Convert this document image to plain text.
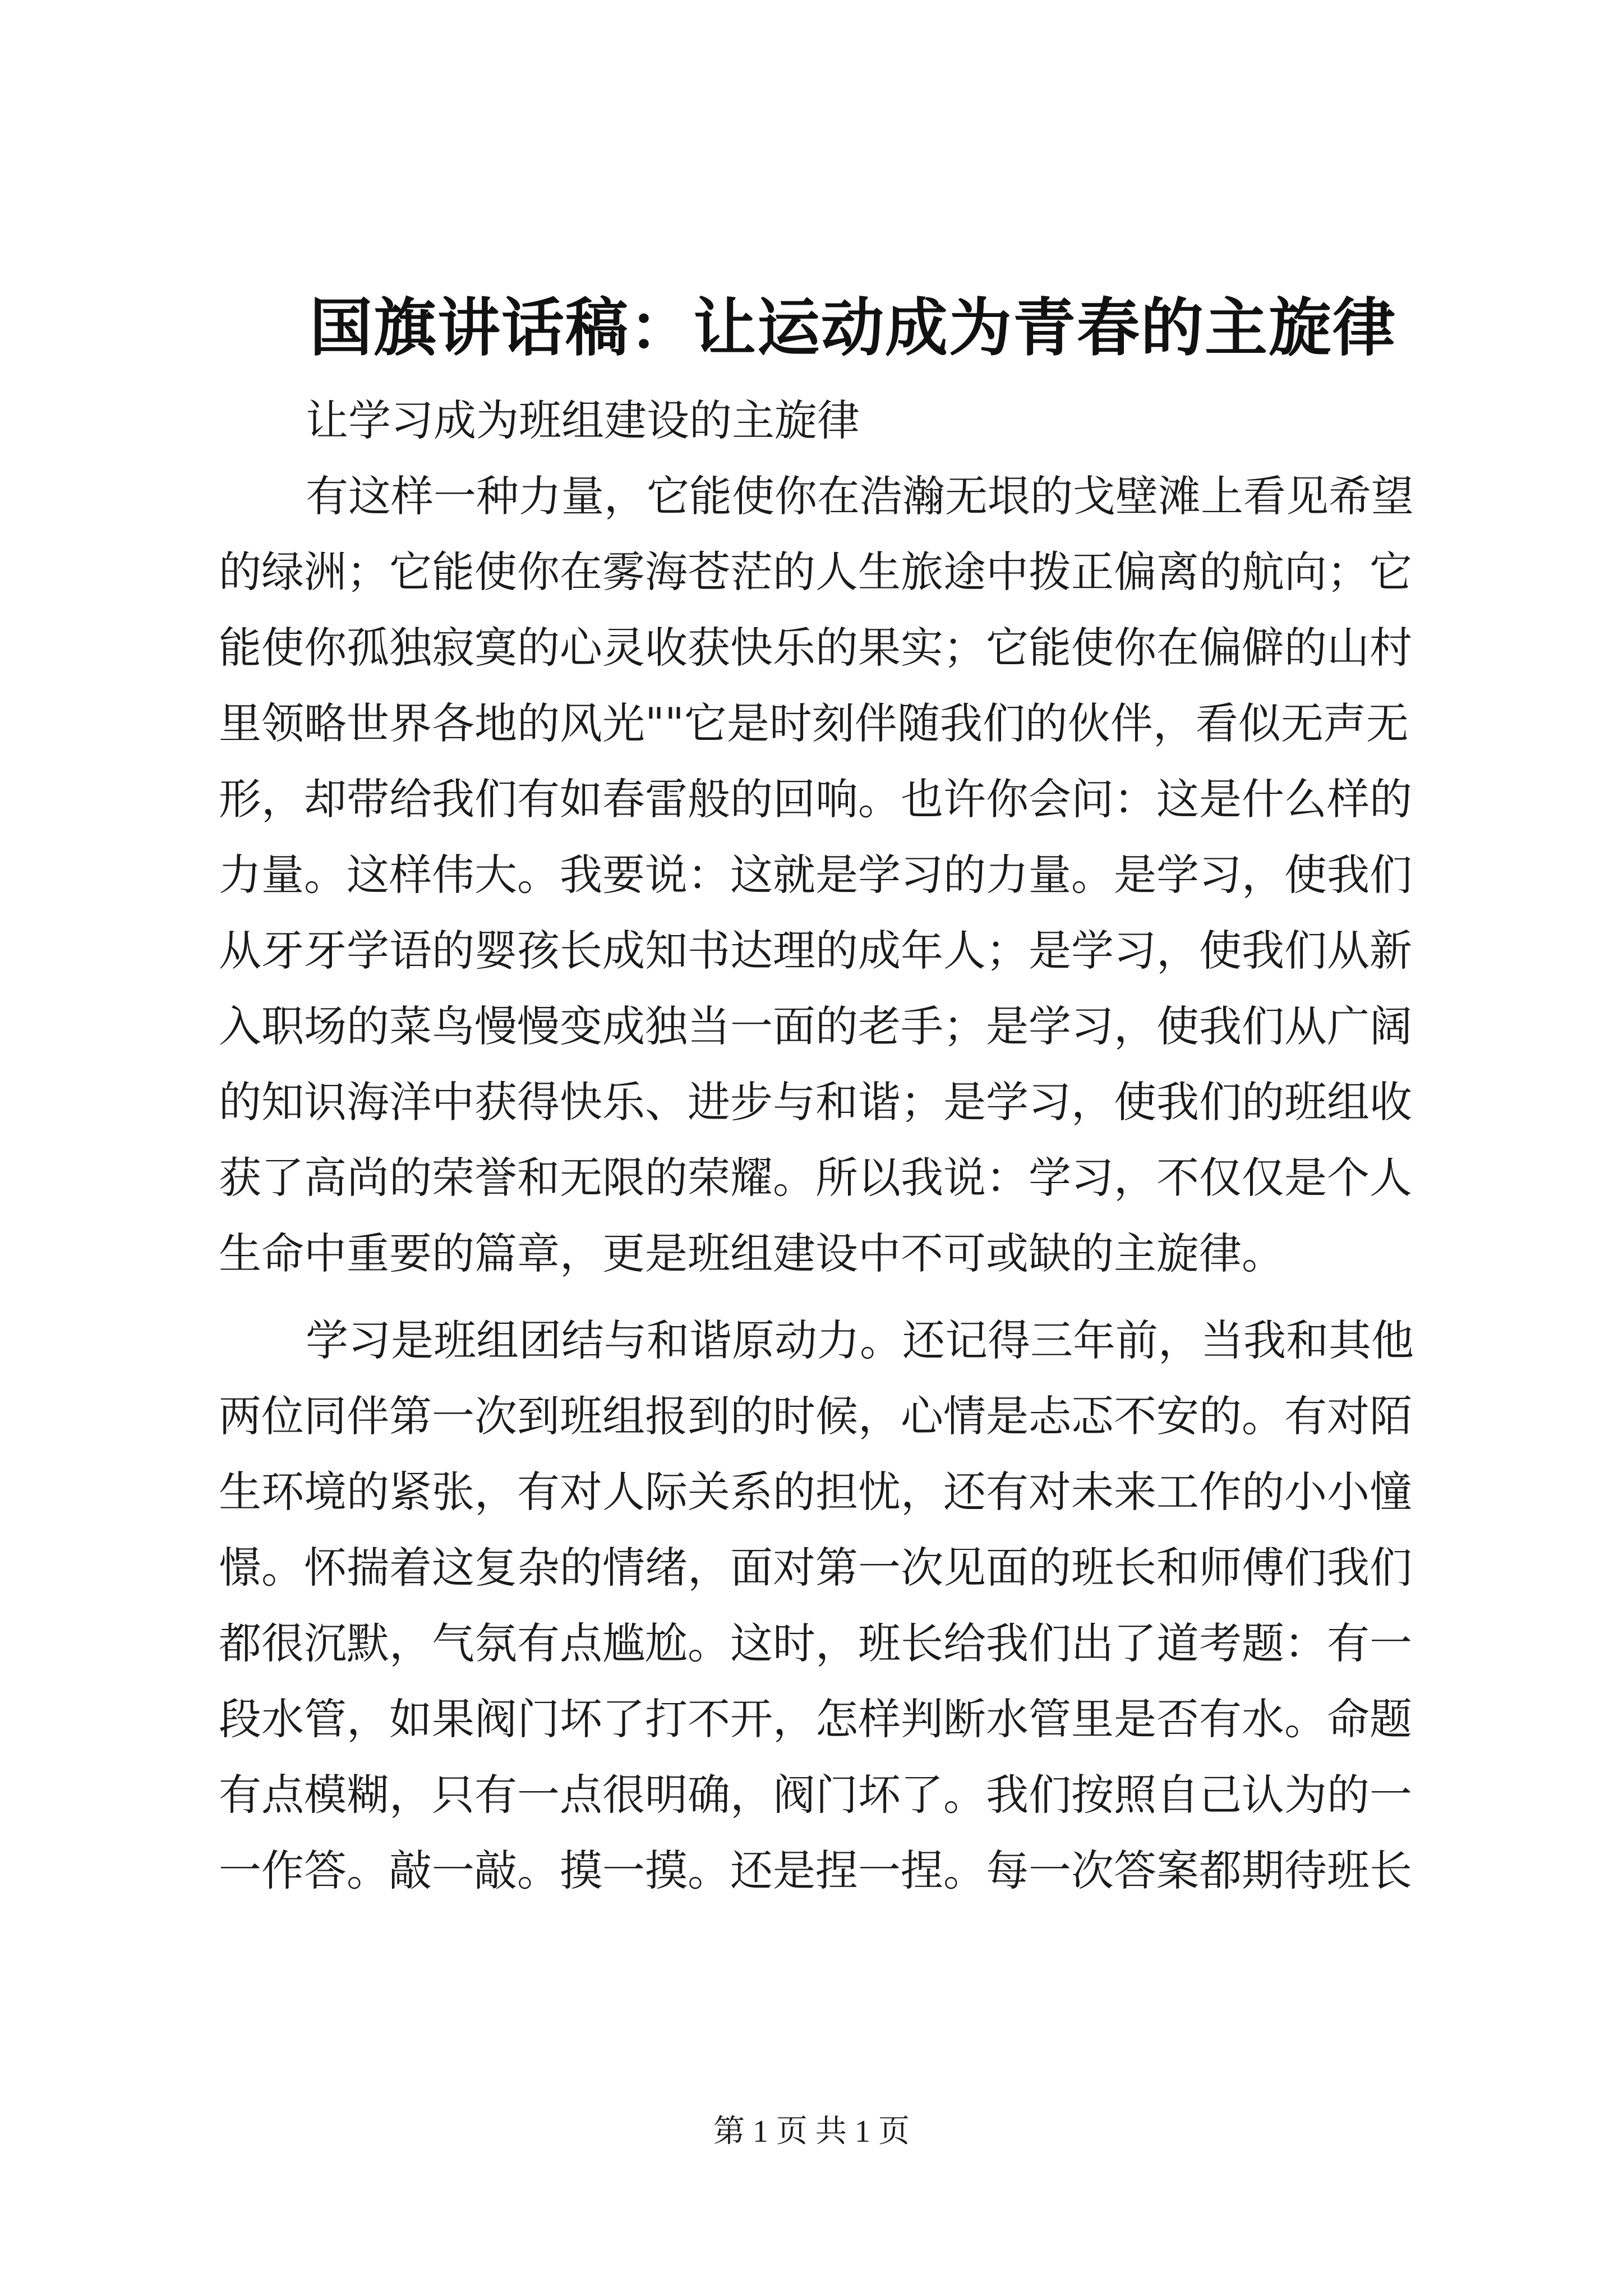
国旗讲话稿：让运动成为青春的主旋律
让学习成为班组建设的主旋律
有这样一种力量，它能使你在浩瀚无垠的戈壁滩上看见希望
的绿洲；它能使你在雾海苍茫的人生旅途中拨正偏离的航向；它
能使你孤独寂寞的心灵收获快乐的果实；它能使你在偏僻的山村
里领略世界各地的风光""它是时刻伴随我们的伙伴，看似无声无
形，却带给我们有如春雷般的回响。也许你会问：这是什么样的
力量。这样伟大。我要说：这就是学习的力量。是学习，使我们
从牙牙学语的婴孩长成知书达理的成年人；是学习，使我们从新
入职场的菜鸟慢慢变成独当一面的老手；是学习，使我们从广阔
的知识海洋中获得快乐、进步与和谐；是学习，使我们的班组收
获了高尚的荣誉和无限的荣耀。所以我说：学习，不仅仅是个人
生命中重要的篇章，更是班组建设中不可或缺的主旋律。
学习是班组团结与和谐原动力。还记得三年前，当我和其他
两位同伴第一次到班组报到的时候，心情是忐忑不安的。有对陌
生环境的紧张，有对人际关系的担忧，还有对未来工作的小小憧
憬。怀揣着这复杂的情绪，面对第一次见面的班长和师傅们我们
都很沉默，气氛有点尴尬。这时，班长给我们出了道考题：有一
段水管，如果阀门坏了打不开，怎样判断水管里是否有水。命题
有点模糊，只有一点很明确，阀门坏了。我们按照自己认为的一
一作答。敲一敲。摸一摸。还是捏一捏。每一次答案都期待班长
第 1 页 共 1 页
